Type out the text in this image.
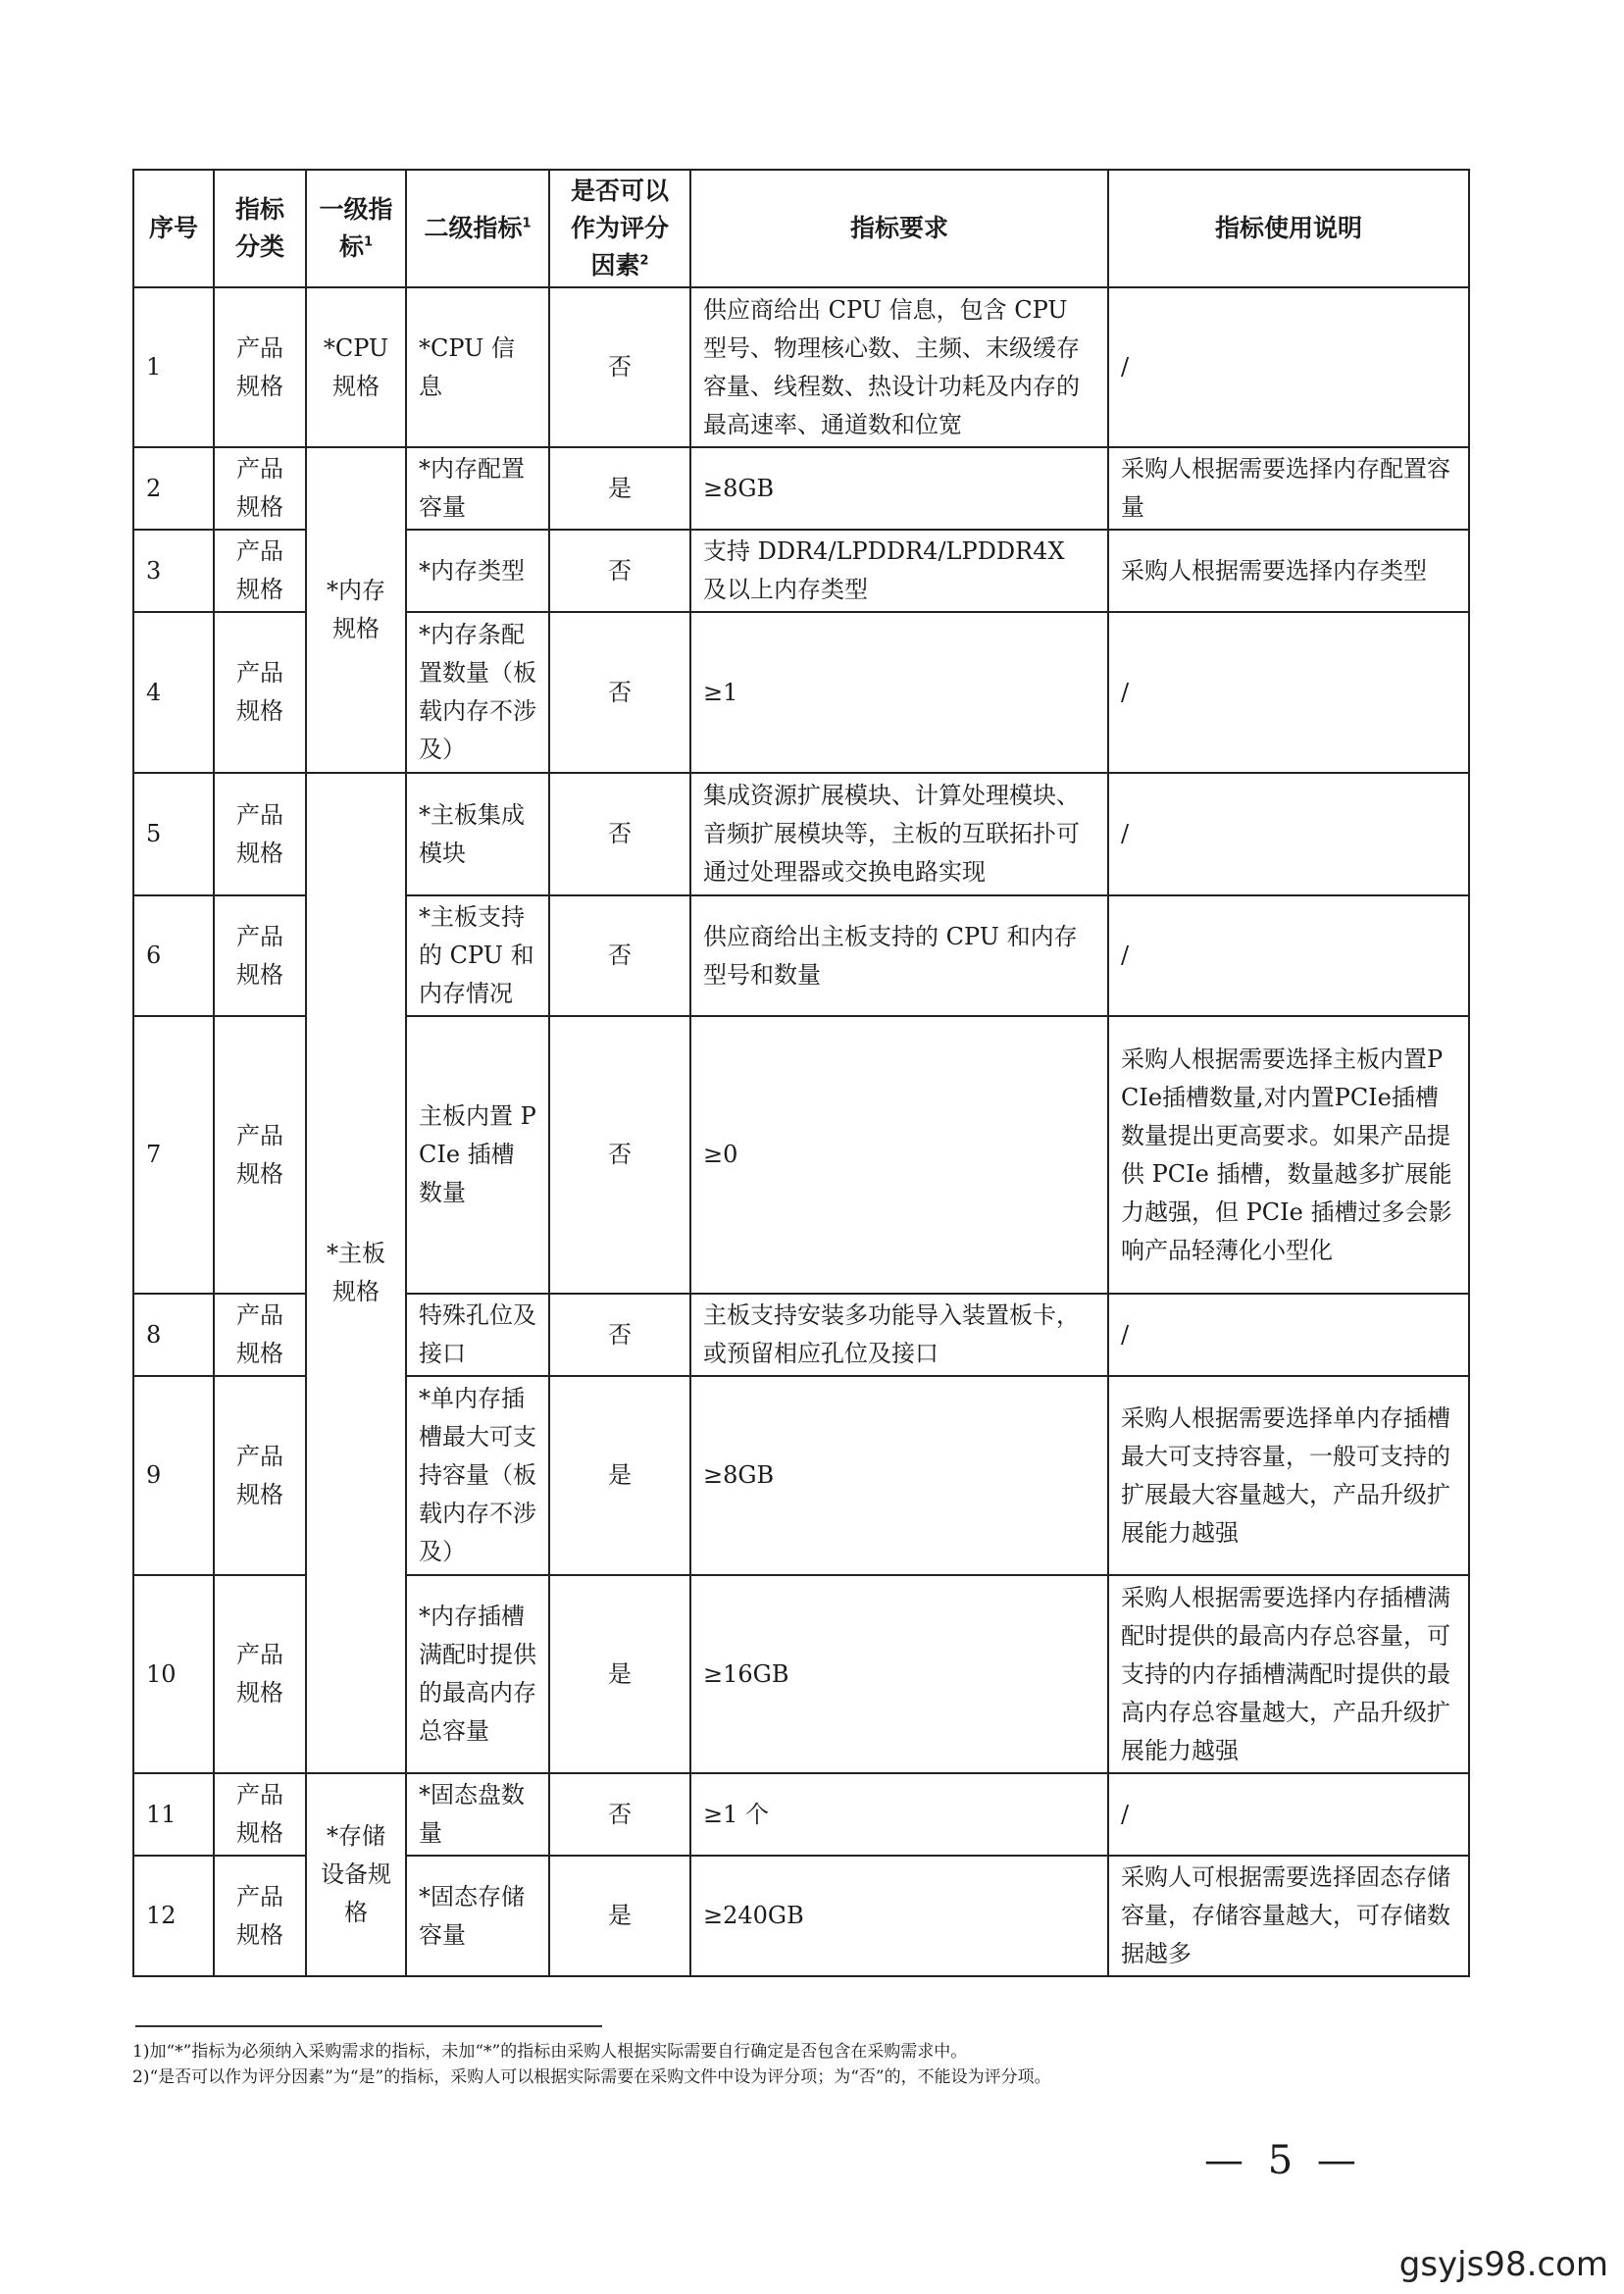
序号	指标分类	一级指标$^1$	二级指标$^1$	是否可以作为评分因素$^2$	指标要求	指标使用说明
1	产品规格	*CPU规格	*CPU 信息	否	供应商给出 CPU 信息，包含 CPU 型号、物理核心数、主频、末级缓存容量、线程数、热设计功耗及内存的最高速率、通道数和位宽	/
2	产品规格	*内存规格	*内存配置容量	是	≥8GB	采购人根据需要选择内存配置容量
3	产品规格		*内存类型	否	支持 DDR4/LPDDR4/LPDDR4X 及以上内存类型	采购人根据需要选择内存类型
4	产品规格		*内存条配置数量（板载内存不涉及）	否	≥1	/
5	产品规格	*主板规格	*主板集成模块	否	集成资源扩展模块、计算处理模块、音频扩展模块等，主板的互联拓扑可通过处理器或交换电路实现	/
6	产品规格		*主板支持的 CPU 和内存情况	否	供应商给出主板支持的 CPU 和内存型号和数量	/
7	产品规格		主板内置 PCIe 插槽数量	否	≥0	采购人根据需要选择主板内置PCIe插槽数量,对内置PCIe插槽数量提出更高要求。如果产品提供 PCIe 插槽，数量越多扩展能力越强，但 PCIe 插槽过多会影响产品轻薄化小型化
8	产品规格		特殊孔位及接口	否	主板支持安装多功能导入装置板卡，或预留相应孔位及接口	/
9	产品规格		*单内存插槽最大可支持容量（板载内存不涉及）	是	≥8GB	采购人根据需要选择单内存插槽最大可支持容量，一般可支持的扩展最大容量越大，产品升级扩展能力越强
10	产品规格		*内存插槽满配时提供的最高内存总容量	是	≥16GB	采购人根据需要选择内存插槽满配时提供的最高内存总容量，可支持的内存插槽满配时提供的最高内存总容量越大，产品升级扩展能力越强
11	产品规格	*存储设备规格	*固态盘数量	否	≥1 个	/
12	产品规格		*固态存储容量	是	≥240GB	采购人可根据需要选择固态存储容量，存储容量越大，可存储数据越多
1)加“*”指标为必须纳入采购需求的指标，未加“*”的指标由采购人根据实际需要自行确定是否包含在采购需求中。
2)“是否可以作为评分因素”为“是”的指标，采购人可以根据实际需要在采购文件中设为评分项；为“否”的，不能设为评分项。
— 5 —
gsyjs98.com
